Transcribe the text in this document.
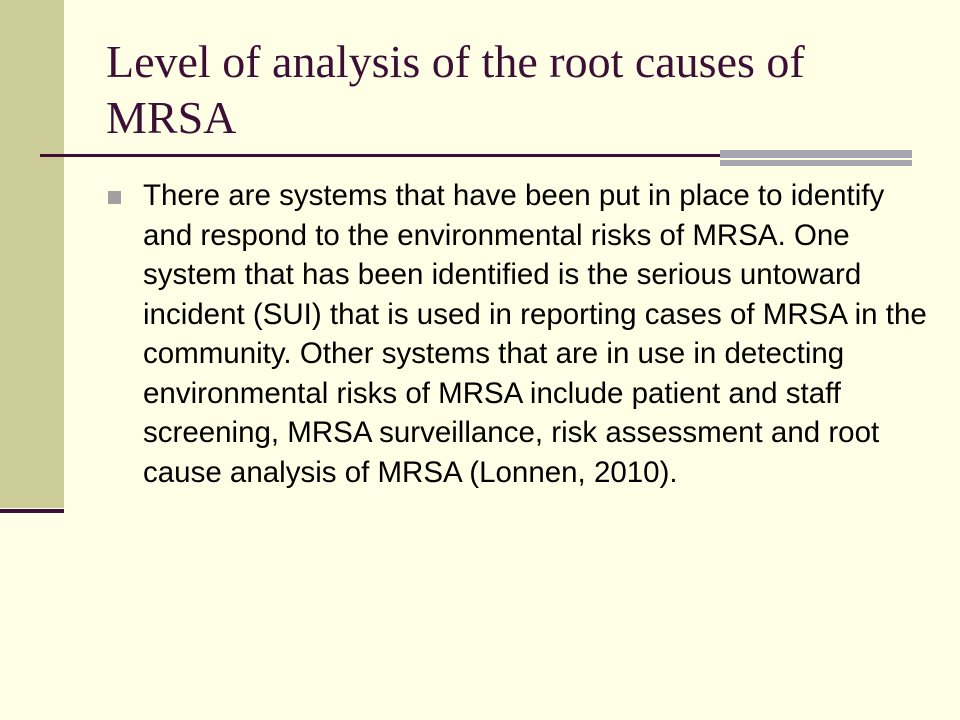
Level of analysis of the root causes of MRSA

There are systems that have been put in place to identify and respond to the environmental risks of MRSA. One system that has been identified is the serious untoward incident (SUI) that is used in reporting cases of MRSA in the community. Other systems that are in use in detecting environmental risks of MRSA include patient and staff screening, MRSA surveillance, risk assessment and root cause analysis of MRSA (Lonnen, 2010).
